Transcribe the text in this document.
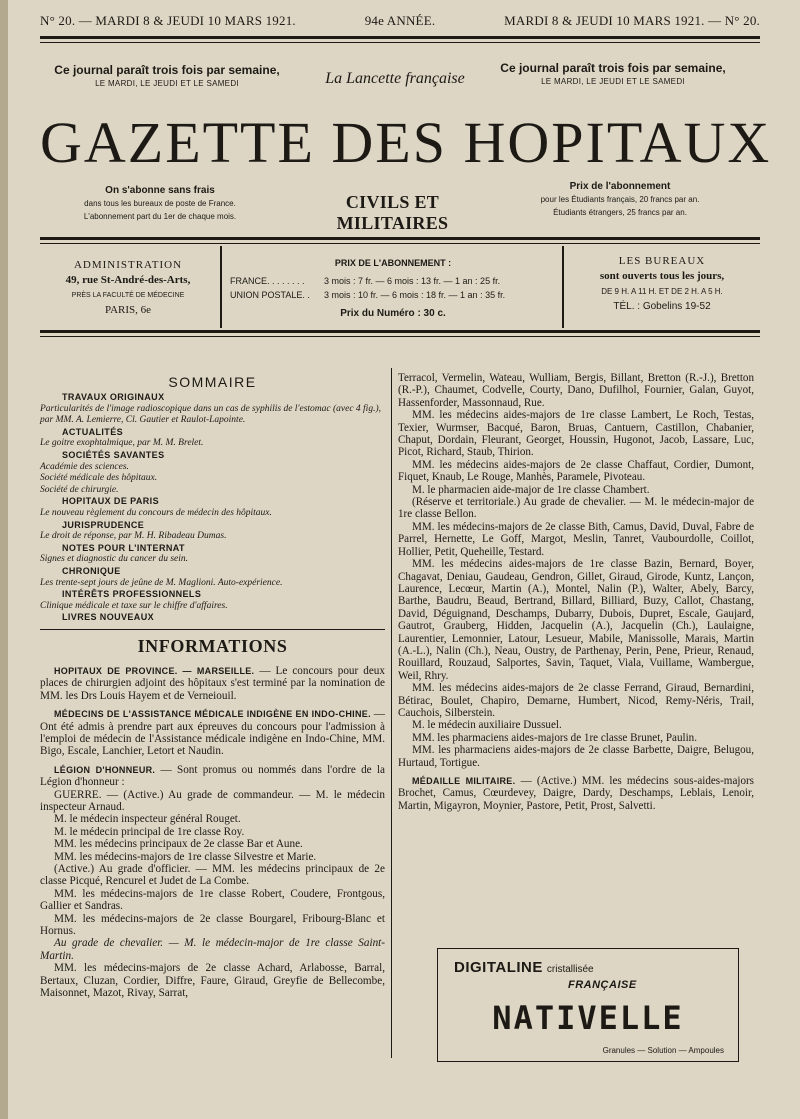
N° 20. — MARDI 8 & JEUDI 10 MARS 1921.	94e ANNÉE.	MARDI 8 & JEUDI 10 MARS 1921. — N° 20.
Ce journal paraît trois fois par semaine,
LE MARDI, LE JEUDI ET LE SAMEDI	La Lancette française
Ce journal paraît trois fois par semaine,
LE MARDI, LE JEUDI ET LE SAMEDI
GAZETTE DES HOPITAUX
On s'abonne sans frais
dans tous les bureaux de poste de France.
L'abonnement part du 1er de chaque mois.
CIVILS ET MILITAIRES
Prix de l'abonnement
pour les Étudiants français, 20 francs par an.
Étudiants étrangers, 25 francs par an.
ADMINISTRATION
49, rue St-André-des-Arts,
PRÈS LA FACULTÉ DE MÉDECINE
PARIS, 6e
PRIX DE L'ABONNEMENT :
FRANCE. . . . . . . .	3 mois : 7 fr. — 6 mois : 13 fr. — 1 an : 25 fr.
UNION POSTALE. .	3 mois : 10 fr. — 6 mois : 18 fr. — 1 an : 35 fr.
Prix du Numéro : 30 c.
LES BUREAUX
sont ouverts tous les jours,
DE 9 H. A 11 H. ET DE 2 H. A 5 H.
TÉL. : Gobelins 19-52
SOMMAIRE
TRAVAUX ORIGINAUX
Particularités de l'image radioscopique dans un cas de syphilis de l'estomac (avec 4 fig.), par MM. A. Lemierre, Cl. Gautier et Raulot-Lapointe.
ACTUALITÉS
Le goitre exophtalmique, par M. M. Brelet.
SOCIÉTÉS SAVANTES
Académie des sciences.
Société médicale des hôpitaux.
Société de chirurgie.
HOPITAUX DE PARIS
Le nouveau règlement du concours de médecin des hôpitaux.
JURISPRUDENCE
Le droit de réponse, par M. H. Ribadeau Dumas.
NOTES POUR L'INTERNAT
Signes et diagnostic du cancer du sein.
CHRONIQUE
Les trente-sept jours de jeûne de M. Maglioni. Auto-expérience.
INTÉRÊTS PROFESSIONNELS
Clinique médicale et taxe sur le chiffre d'affaires.
LIVRES NOUVEAUX
INFORMATIONS

HOPITAUX DE PROVINCE. — MARSEILLE. — Le concours pour deux places de chirurgien adjoint des hôpitaux s'est terminé par la nomination de MM. les Drs Louis Hayem et de Verneiouil.

MÉDECINS DE L'ASSISTANCE MÉDICALE INDIGÈNE EN INDO-CHINE. — Ont été admis à prendre part aux épreuves du concours pour l'admission à l'emploi de médecin de l'Assistance médicale indigène en Indo-Chine, MM. Bigo, Escale, Lanchier, Letort et Naudin.

LÉGION D'HONNEUR. — Sont promus ou nommés dans l'ordre de la Légion d'honneur :

GUERRE. — (Active.) Au grade de commandeur. — M. le médecin inspecteur Arnaud.

M. le médecin inspecteur général Rouget.

M. le médecin principal de 1re classe Roy.

MM. les médecins principaux de 2e classe Bar et Aune.

MM. les médecins-majors de 1re classe Silvestre et Marie.

(Active.) Au grade d'officier. — MM. les médecins principaux de 2e classe Picqué, Rencurel et Judet de La Combe.

MM. les médecins-majors de 1re classe Robert, Coudere, Frontgous, Gallier et Sandras.

MM. les médecins-majors de 2e classe Bourgarel, Fribourg-Blanc et Hornus.

Au grade de chevalier. — M. le médecin-major de 1re classe Saint-Martin.

MM. les médecins-majors de 2e classe Achard, Arlabosse, Barral, Bertaux, Cluzan, Cordier, Diffre, Faure, Giraud, Greyfie de Bellecombe, Maisonnet, Mazot, Rivay, Sarrat,

Terracol, Vermelin, Wateau, Wulliam, Bergis, Billant, Bretton (R.-J.), Bretton (R.-P.), Chaumet, Codvelle, Courty, Dano, Dufilhol, Fournier, Galan, Guyot, Hassenforder, Massonnaud, Rue.

MM. les médecins aides-majors de 1re classe Lambert, Le Roch, Testas, Texier, Wurmser, Bacqué, Baron, Bruas, Cantuern, Castillon, Chabanier, Chaput, Dordain, Fleurant, Georget, Houssin, Hugonot, Jacob, Lassare, Luc, Picot, Richard, Staub, Thirion.

MM. les médecins aides-majors de 2e classe Chaffaut, Cordier, Dumont, Fiquet, Knaub, Le Rouge, Manhès, Paramele, Pivoteau.

M. le pharmacien aide-major de 1re classe Chambert.

(Réserve et territoriale.) Au grade de chevalier. — M. le médecin-major de 1re classe Bellon.

MM. les médecins-majors de 2e classe Bith, Camus, David, Duval, Fabre de Parrel, Hernette, Le Goff, Margot, Meslin, Tanret, Vaubourdolle, Coillot, Hollier, Petit, Queheille, Testard.

MM. les médecins aides-majors de 1re classe Bazin, Bernard, Boyer, Chagavat, Deniau, Gaudeau, Gendron, Gillet, Giraud, Girode, Kuntz, Lançon, Laurence, Lecœur, Martin (A.), Montel, Nalin (P.), Walter, Abely, Barcy, Barthe, Baudru, Beaud, Bertrand, Billard, Billiard, Buzy, Callot, Chastang, David, Déguignand, Deschamps, Dubarry, Dubois, Dupret, Escale, Gaujard, Gautrot, Grauberg, Hidden, Jacquelin (A.), Jacquelin (Ch.), Laulaigne, Laurentier, Lemonnier, Latour, Lesueur, Mabile, Manissolle, Marais, Martin (A.-L.), Nalin (Ch.), Neau, Oustry, de Parthenay, Perin, Pene, Prieur, Renaud, Rouillard, Rouzaud, Salportes, Savin, Taquet, Viala, Vuillame, Wambergue, Weil, Rhry.

MM. les médecins aides-majors de 2e classe Ferrand, Giraud, Bernardini, Bétirac, Boulet, Chapiro, Demarne, Humbert, Nicod, Remy-Néris, Trail, Cauchois, Silberstein.

M. le médecin auxiliaire Dussuel.

MM. les pharmaciens aides-majors de 1re classe Brunet, Paulin.

MM. les pharmaciens aides-majors de 2e classe Barbette, Daigre, Belugou, Hurtaud, Tortigue.

MÉDAILLE MILITAIRE. — (Active.) MM. les médecins sous-aides-majors Brochet, Camus, Cœurdevey, Daigre, Dardy, Deschamps, Leblais, Lenoir, Martin, Migayron, Moynier, Pastore, Petit, Prost, Salvetti.

DIGITALINE cristallisée
FRANÇAISE
NATIVELLE
Granules — Solution — Ampoules
